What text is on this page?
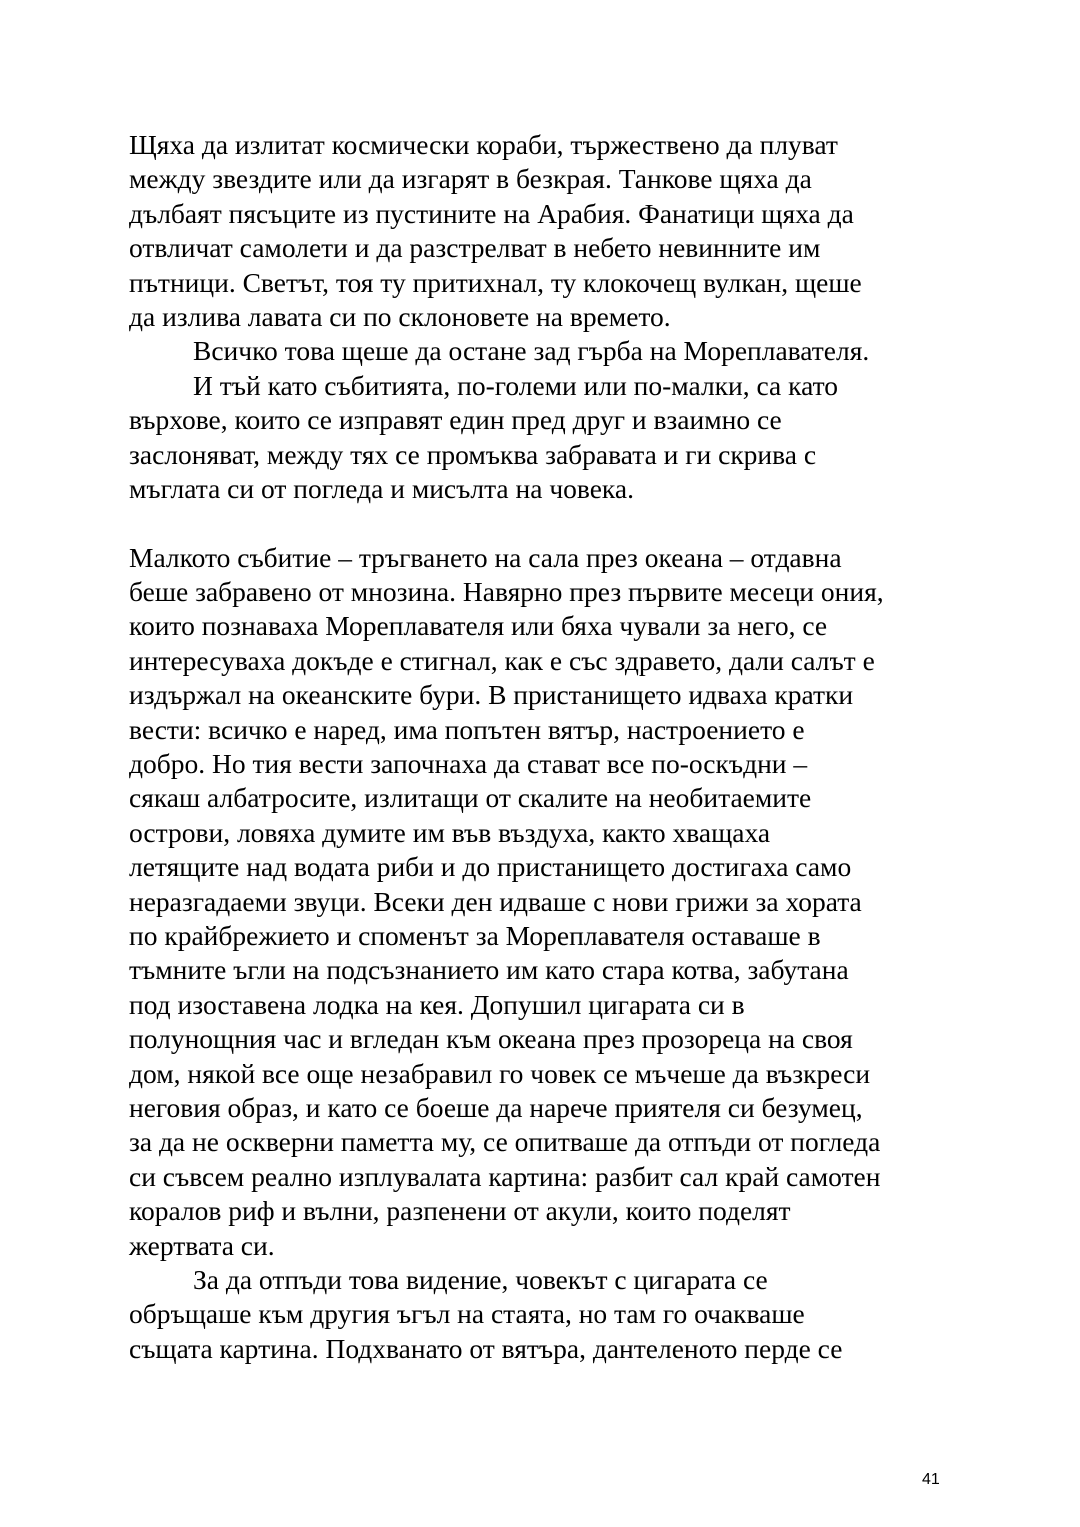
Щяха да излитат космически кораби, тържествено да плуват
между звездите или да изгарят в безкрая. Танкове щяха да
дълбаят пясъците из пустините на Арабия. Фанатици щяха да
отвличат самолети и да разстрелват в небето невинните им
пътници. Светът, тоя ту притихнал, ту клокочещ вулкан, щеше
да излива лавата си по склоновете на времето.
Всичко това щеше да остане зад гърба на Мореплавателя.
И тъй като събитията, по-големи или по-малки, са като
върхове, които се изправят един пред друг и взаимно се
заслоняват, между тях се промъква забравата и ги скрива с
мъглата си от погледа и мисълта на човека.
Малкото събитие – тръгването на сала през океана – отдавна
беше забравено от мнозина. Навярно през първите месеци ония,
които познаваха Мореплавателя или бяха чували за него, се
интересуваха докъде е стигнал, как е със здравето, дали салът е
издържал на океанските бури. В пристанището идваха кратки
вести: всичко е наред, има попътен вятър, настроението е
добро. Но тия вести започнаха да стават все по-оскъдни –
сякаш албатросите, излитащи от скалите на необитаемите
острови, ловяха думите им във въздуха, както хващаха
летящите над водата риби и до пристанището достигаха само
неразгадаеми звуци. Всеки ден идваше с нови грижи за хората
по крайбрежието и споменът за Мореплавателя оставаше в
тъмните ъгли на подсъзнанието им като стара котва, забутана
под изоставена лодка на кея. Допушил цигарата си в
полунощния час и вгледан към океана през прозореца на своя
дом, някой все още незабравил го човек се мъчеше да възкреси
неговия образ, и като се боеше да нарече приятеля си безумец,
за да не оскверни паметта му, се опитваше да отпъди от погледа
си съвсем реално изплувалата картина: разбит сал край самотен
коралов риф и вълни, разпенени от акули, които поделят
жертвата си.
За да отпъди това видение, човекът с цигарата се
обръщаше към другия ъгъл на стаята, но там го очакваше
същата картина. Подхванато от вятъра, дантеленото перде се
41
